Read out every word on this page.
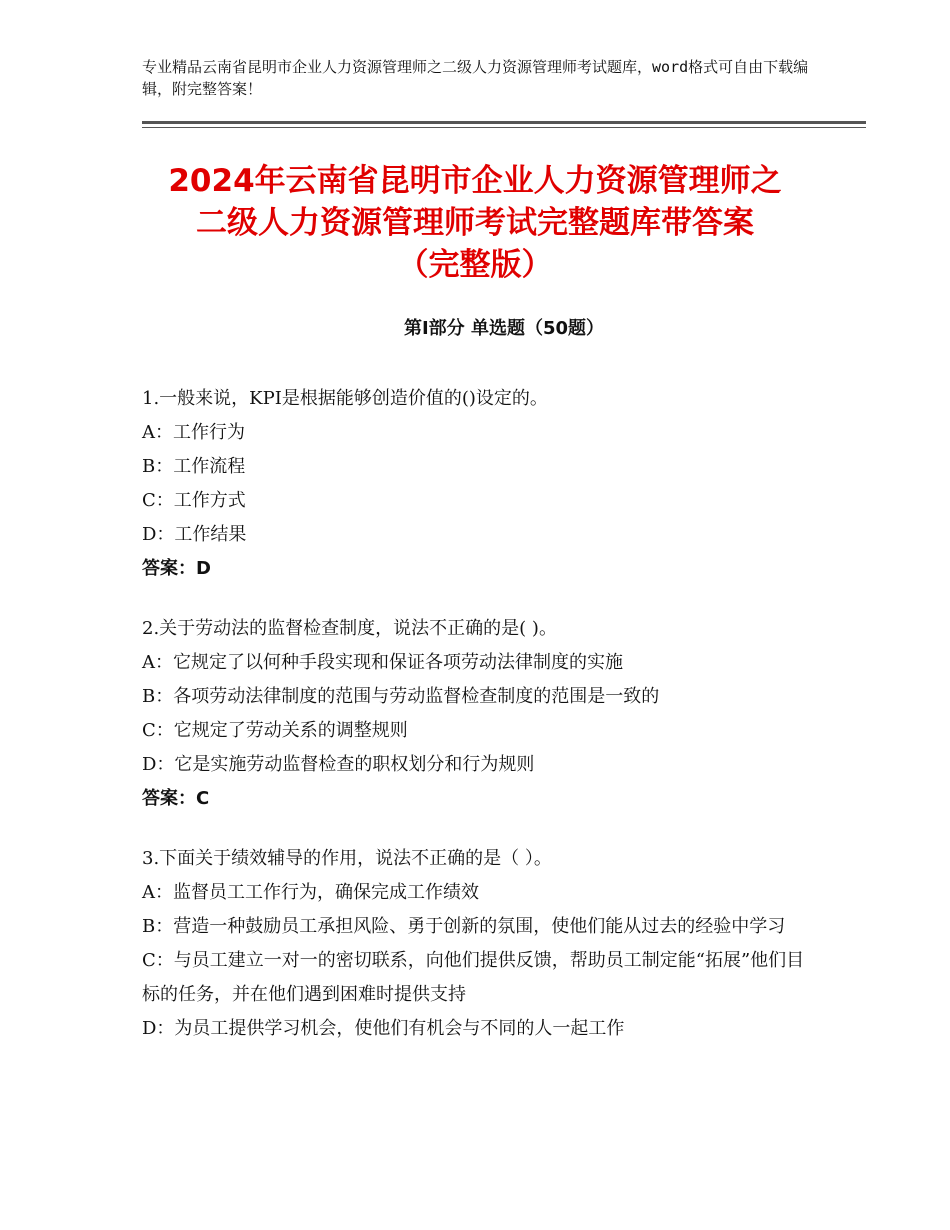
专业精品云南省昆明市企业人力资源管理师之二级人力资源管理师考试题库，word格式可自由下载编辑，附完整答案！
2024年云南省昆明市企业人力资源管理师之
二级人力资源管理师考试完整题库带答案
（完整版）
第Ⅰ部分 单选题（50题）
1.一般来说，KPI是根据能够创造价值的()设定的。
A：工作行为
B：工作流程
C：工作方式
D：工作结果
答案：D
2.关于劳动法的监督检查制度，说法不正确的是( )。
A：它规定了以何种手段实现和保证各项劳动法律制度的实施
B：各项劳动法律制度的范围与劳动监督检查制度的范围是一致的
C：它规定了劳动关系的调整规则
D：它是实施劳动监督检查的职权划分和行为规则
答案：C
3.下面关于绩效辅导的作用，说法不正确的是（ ）。
A：监督员工工作行为，确保完成工作绩效
B：营造一种鼓励员工承担风险、勇于创新的氛围，使他们能从过去的经验中学习
C：与员工建立一对一的密切联系，向他们提供反馈，帮助员工制定能“拓展”他们目标的任务，并在他们遇到困难时提供支持
D：为员工提供学习机会，使他们有机会与不同的人一起工作
